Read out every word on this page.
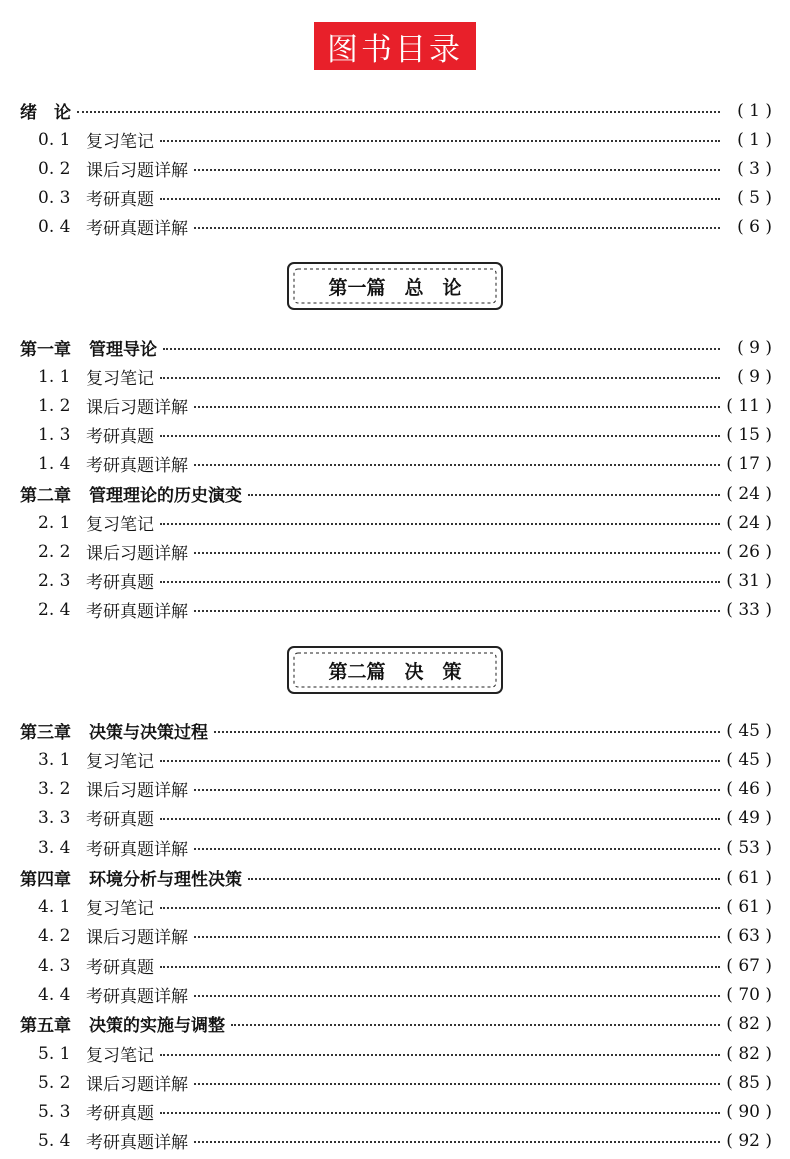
图书目录
绪　论	( 1 )
0. 1 复习笔记	( 1 )
0. 2 课后习题详解	( 3 )
0. 3 考研真题	( 5 )
0. 4 考研真题详解	( 6 )
第一篇　总　论
第一章 管理导论	( 9 )
1. 1 复习笔记	( 9 )
1. 2 课后习题详解	( 11 )
1. 3 考研真题	( 15 )
1. 4 考研真题详解	( 17 )
第二章 管理理论的历史演变	( 24 )
2. 1 复习笔记	( 24 )
2. 2 课后习题详解	( 26 )
2. 3 考研真题	( 31 )
2. 4 考研真题详解	( 33 )
第二篇　决　策
第三章 决策与决策过程	( 45 )
3. 1 复习笔记	( 45 )
3. 2 课后习题详解	( 46 )
3. 3 考研真题	( 49 )
3. 4 考研真题详解	( 53 )
第四章 环境分析与理性决策	( 61 )
4. 1 复习笔记	( 61 )
4. 2 课后习题详解	( 63 )
4. 3 考研真题	( 67 )
4. 4 考研真题详解	( 70 )
第五章 决策的实施与调整	( 82 )
5. 1 复习笔记	( 82 )
5. 2 课后习题详解	( 85 )
5. 3 考研真题	( 90 )
5. 4 考研真题详解	( 92 )
